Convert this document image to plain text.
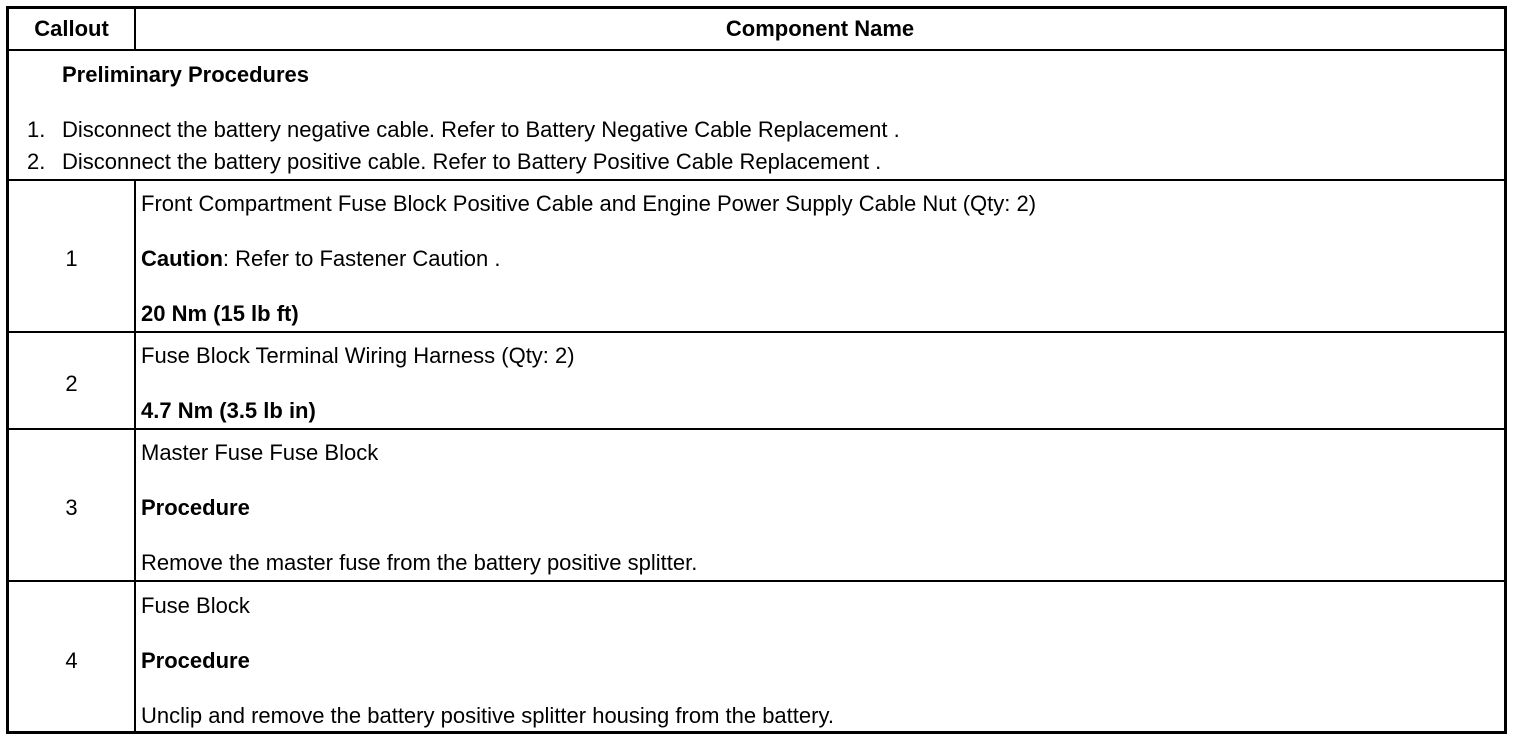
Callout	Component Name
Preliminary Procedures
1. Disconnect the battery negative cable. Refer to Battery Negative Cable Replacement .
2. Disconnect the battery positive cable. Refer to Battery Positive Cable Replacement .
1
Front Compartment Fuse Block Positive Cable and Engine Power Supply Cable Nut (Qty: 2)
Caution: Refer to Fastener Caution .
20 Nm (15 lb ft)
2
Fuse Block Terminal Wiring Harness (Qty: 2)
4.7 Nm (3.5 lb in)
3
Master Fuse Fuse Block
Procedure
Remove the master fuse from the battery positive splitter.
4
Fuse Block
Procedure
Unclip and remove the battery positive splitter housing from the battery.
